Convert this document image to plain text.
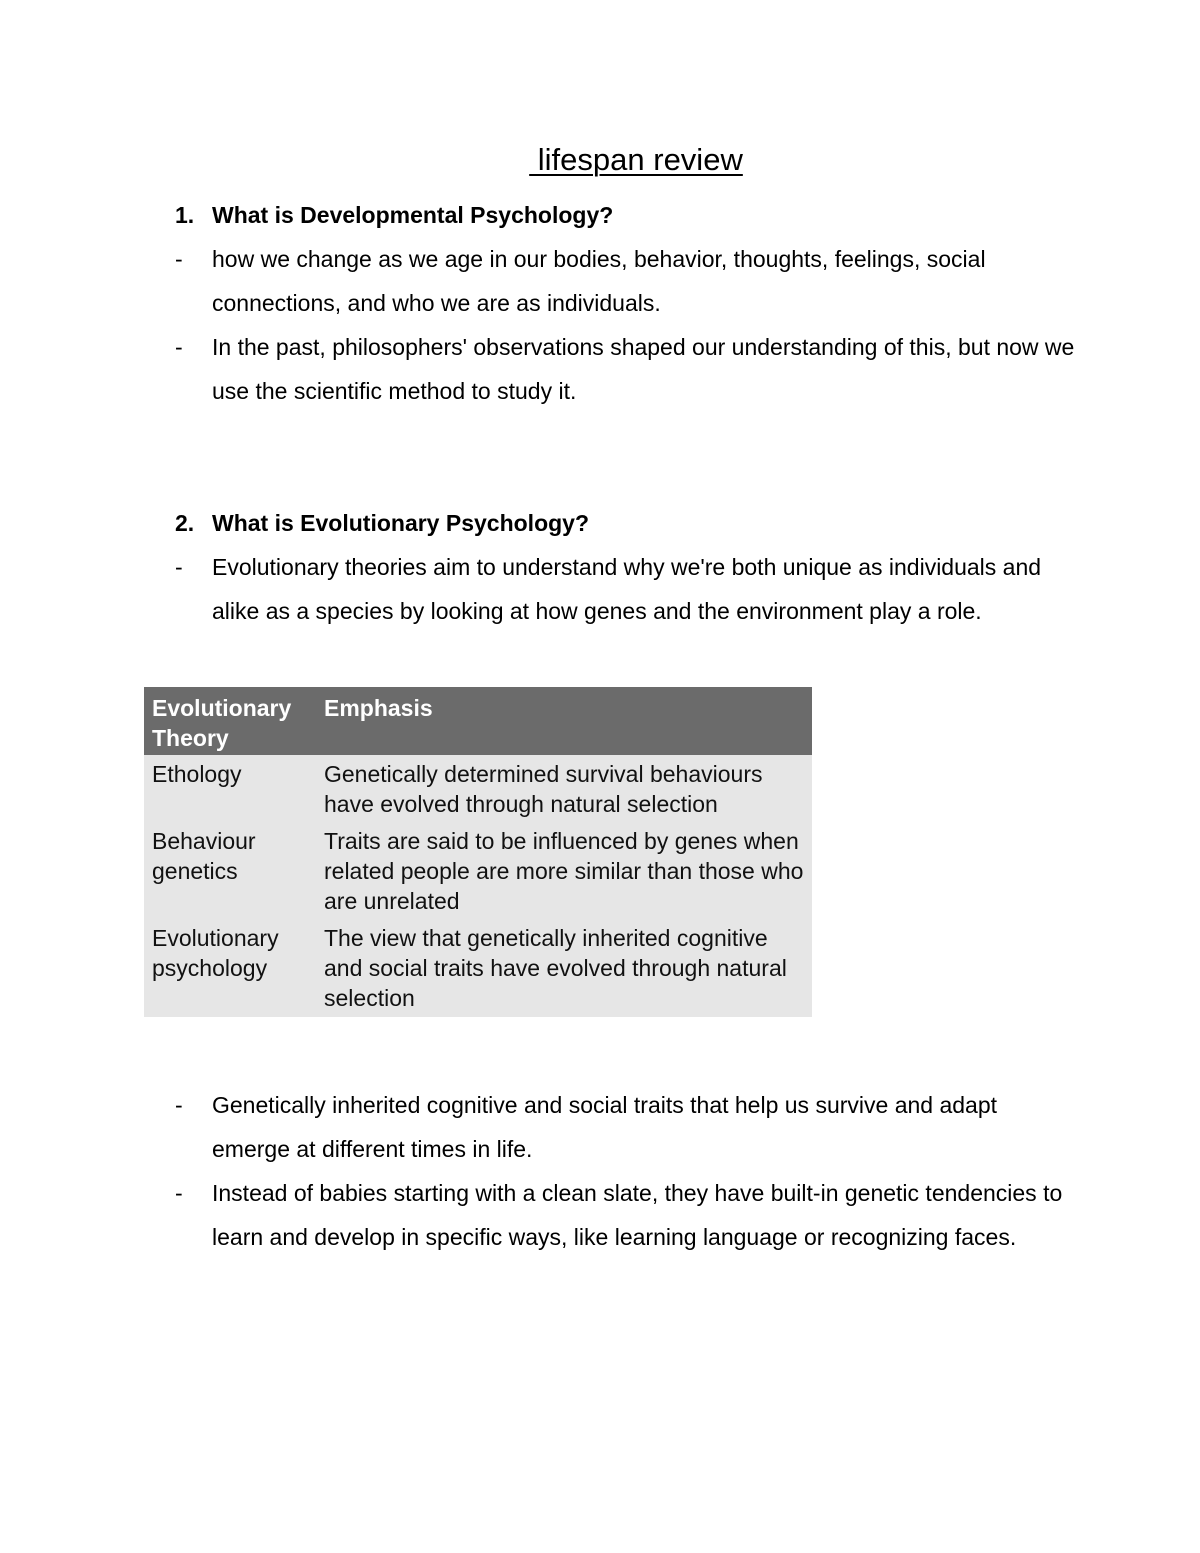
lifespan review
1. What is Developmental Psychology?
-	how we change as we age in our bodies, behavior, thoughts, feelings, social connections, and who we are as individuals.
-	In the past, philosophers' observations shaped our understanding of this, but now we use the scientific method to study it.
2. What is Evolutionary Psychology?
-	Evolutionary theories aim to understand why we're both unique as individuals and alike as a species by looking at how genes and the environment play a role.
Evolutionary Theory	Emphasis
Ethology	Genetically determined survival behaviours have evolved through natural selection
Behaviour genetics	Traits are said to be influenced by genes when related people are more similar than those who are unrelated
Evolutionary psychology	The view that genetically inherited cognitive and social traits have evolved through natural selection
-	Genetically inherited cognitive and social traits that help us survive and adapt emerge at different times in life.
-	Instead of babies starting with a clean slate, they have built-in genetic tendencies to learn and develop in specific ways, like learning language or recognizing faces.
